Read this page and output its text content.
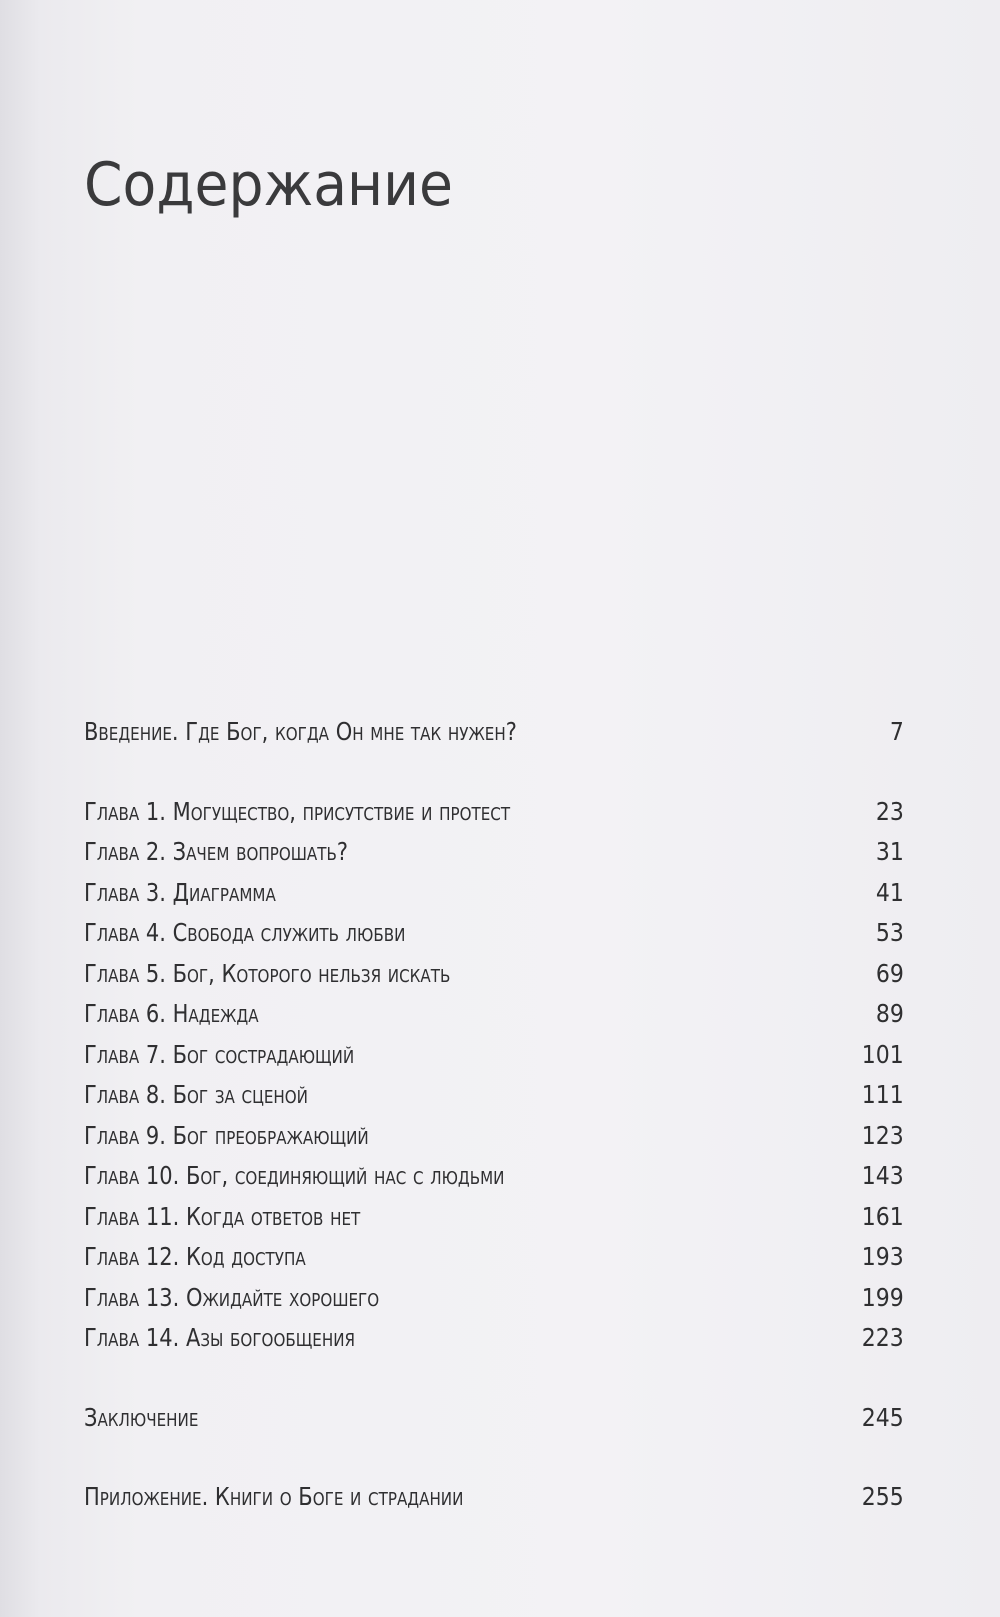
Содержание
Введение. Где Бог, когда Он мне так нужен?	7
Глава 1. Могущество, присутствие и протест	23
Глава 2. Зачем вопрошать?	31
Глава 3. Диаграмма	41
Глава 4. Свобода служить любви	53
Глава 5. Бог, Которого нельзя искать	69
Глава 6. Надежда	89
Глава 7. Бог сострадающий	101
Глава 8. Бог за сценой	111
Глава 9. Бог преображающий	123
Глава 10. Бог, соединяющий нас с людьми	143
Глава 11. Когда ответов нет	161
Глава 12. Код доступа	193
Глава 13. Ожидайте хорошего	199
Глава 14. Азы богообщения	223
Заключение	245
Приложение. Книги о Боге и страдании	255
